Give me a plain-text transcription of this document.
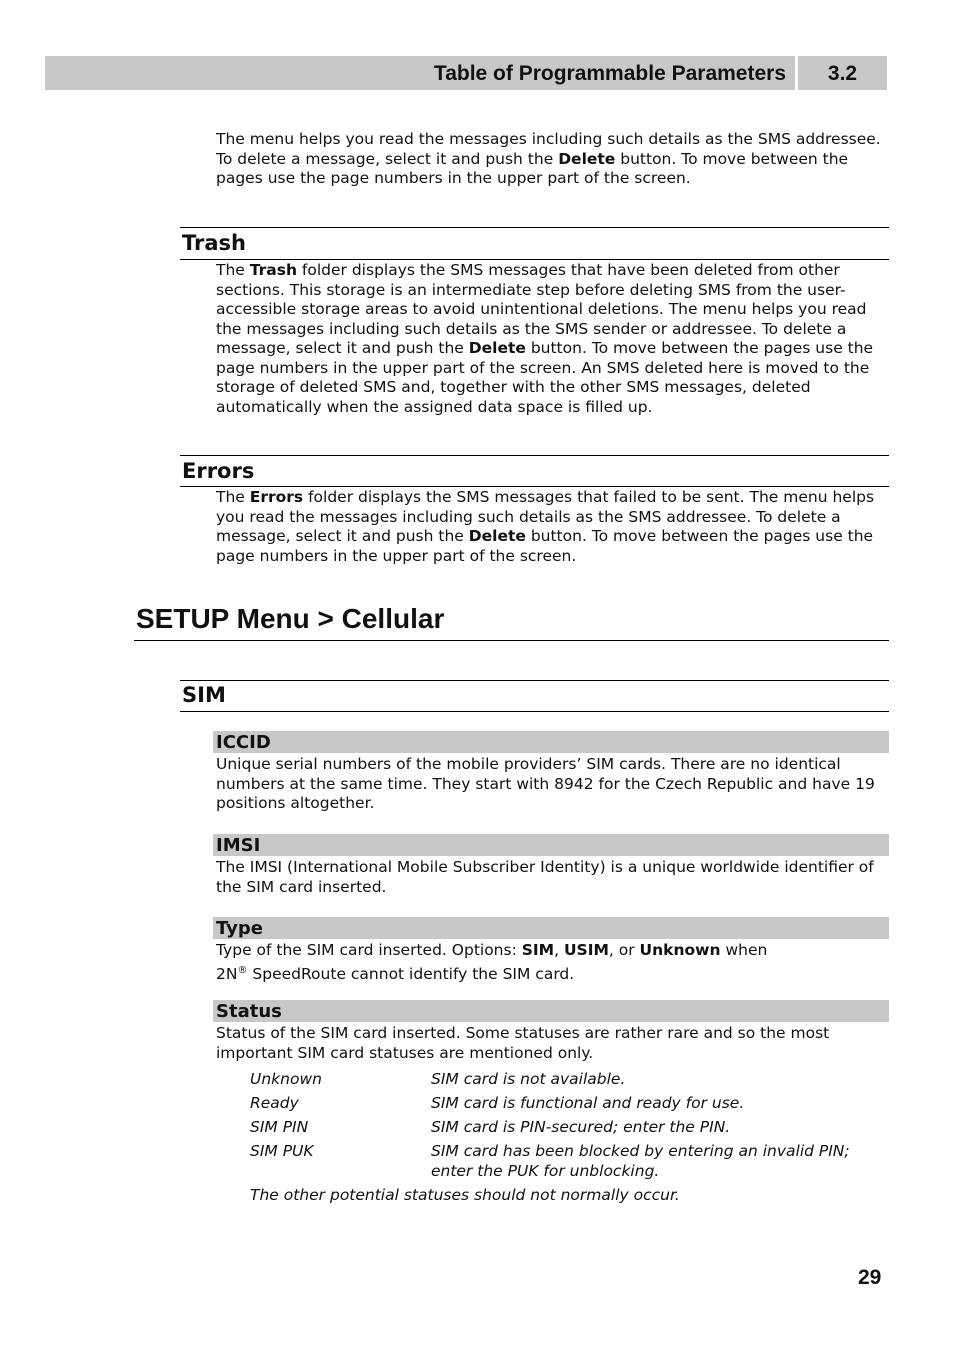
Table of Programmable Parameters	3.2
The menu helps you read the messages including such details as the SMS addressee. To delete a message, select it and push the Delete button. To move between the pages use the page numbers in the upper part of the screen.
Trash
The Trash folder displays the SMS messages that have been deleted from other sections. This storage is an intermediate step before deleting SMS from the user-accessible storage areas to avoid unintentional deletions. The menu helps you read the messages including such details as the SMS sender or addressee. To delete a message, select it and push the Delete button. To move between the pages use the page numbers in the upper part of the screen. An SMS deleted here is moved to the storage of deleted SMS and, together with the other SMS messages, deleted automatically when the assigned data space is filled up.
Errors
The Errors folder displays the SMS messages that failed to be sent. The menu helps you read the messages including such details as the SMS addressee. To delete a message, select it and push the Delete button. To move between the pages use the page numbers in the upper part of the screen.
SETUP Menu > Cellular
SIM
ICCID
Unique serial numbers of the mobile providers’ SIM cards. There are no identical numbers at the same time. They start with 8942 for the Czech Republic and have 19 positions altogether.
IMSI
The IMSI (International Mobile Subscriber Identity) is a unique worldwide identifier of the SIM card inserted.
Type
Type of the SIM card inserted. Options: SIM, USIM, or Unknown when
2N® SpeedRoute cannot identify the SIM card.
Status
Status of the SIM card inserted. Some statuses are rather rare and so the most important SIM card statuses are mentioned only.
Unknown	SIM card is not available.
Ready	SIM card is functional and ready for use.
SIM PIN	SIM card is PIN-secured; enter the PIN.
SIM PUK	SIM card has been blocked by entering an invalid PIN; enter the PUK for unblocking.
The other potential statuses should not normally occur.
29
